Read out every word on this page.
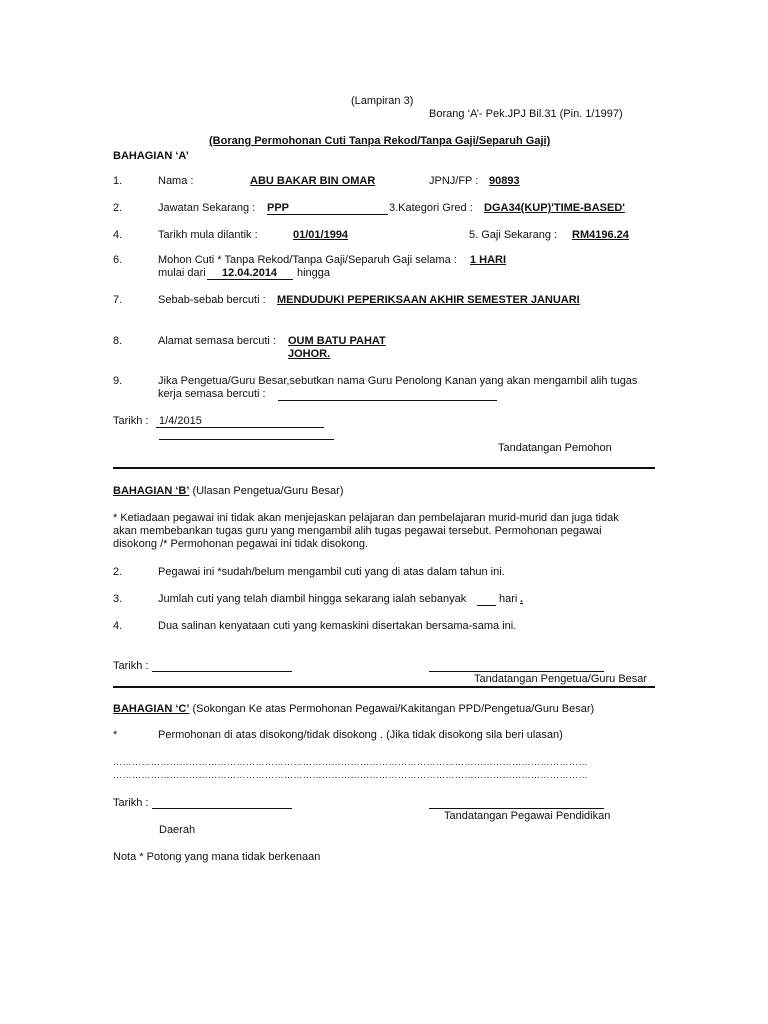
(Lampiran 3)
Borang ‘A’- Pek.JPJ Bil.31 (Pin. 1/1997)
(Borang Permohonan Cuti Tanpa Rekod/Tanpa Gaji/Separuh Gaji)
BAHAGIAN ‘A’
1.	Nama :	ABU BAKAR BIN OMAR	JPNJ/FP : 90893
2.	Jawatan Sekarang : PPP	3.Kategori Gred : DGA34(KUP)'TIME-BASED'
4.	Tarikh mula dilantik :	01/01/1994	5. Gaji Sekarang : RM4196.24
6.	Mohon Cuti * Tanpa Rekod/Tanpa Gaji/Separuh Gaji selama : 1 HARI
mulai dari 12.04.2014 hingga
7.	Sebab-sebab bercuti : MENDUDUKI PEPERIKSAAN AKHIR SEMESTER JANUARI
8.	Alamat semasa bercuti : OUM BATU PAHAT
JOHOR.
9.	Jika Pengetua/Guru Besar,sebutkan nama Guru Penolong Kanan yang akan mengambil alih tugas
kerja semasa bercuti :
Tarikh : 1/4/2015
Tandatangan Pemohon
BAHAGIAN ‘B’ (Ulasan Pengetua/Guru Besar)
* Ketiadaan pegawai ini tidak akan menjejaskan pelajaran dan pembelajaran murid-murid dan juga tidak
akan membebankan tugas guru yang mengambil alih tugas pegawai tersebut. Permohonan pegawai
disokong /* Permohonan pegawai ini tidak disokong.
2.	Pegawai ini *sudah/belum mengambil cuti yang di atas dalam tahun ini.
3.	Jumlah cuti yang telah diambil hingga sekarang ialah sebanyak	hari .
4.	Dua salinan kenyataan cuti yang kemaskini disertakan bersama-sama ini.
Tarikh :
Tandatangan Pengetua/Guru Besar
BAHAGIAN ‘C’ (Sokongan Ke atas Permohonan Pegawai/Kakitangan PPD/Pengetua/Guru Besar)
*	Permohonan di atas disokong/tidak disokong . (Jika tidak disokong sila beri ulasan)
……………………………………………………………………………………………………………………………………
……………………………………………………………………………………………………………………………………
Tarikh :
Tandatangan Pegawai Pendidikan
Daerah
Nota * Potong yang mana tidak berkenaan
